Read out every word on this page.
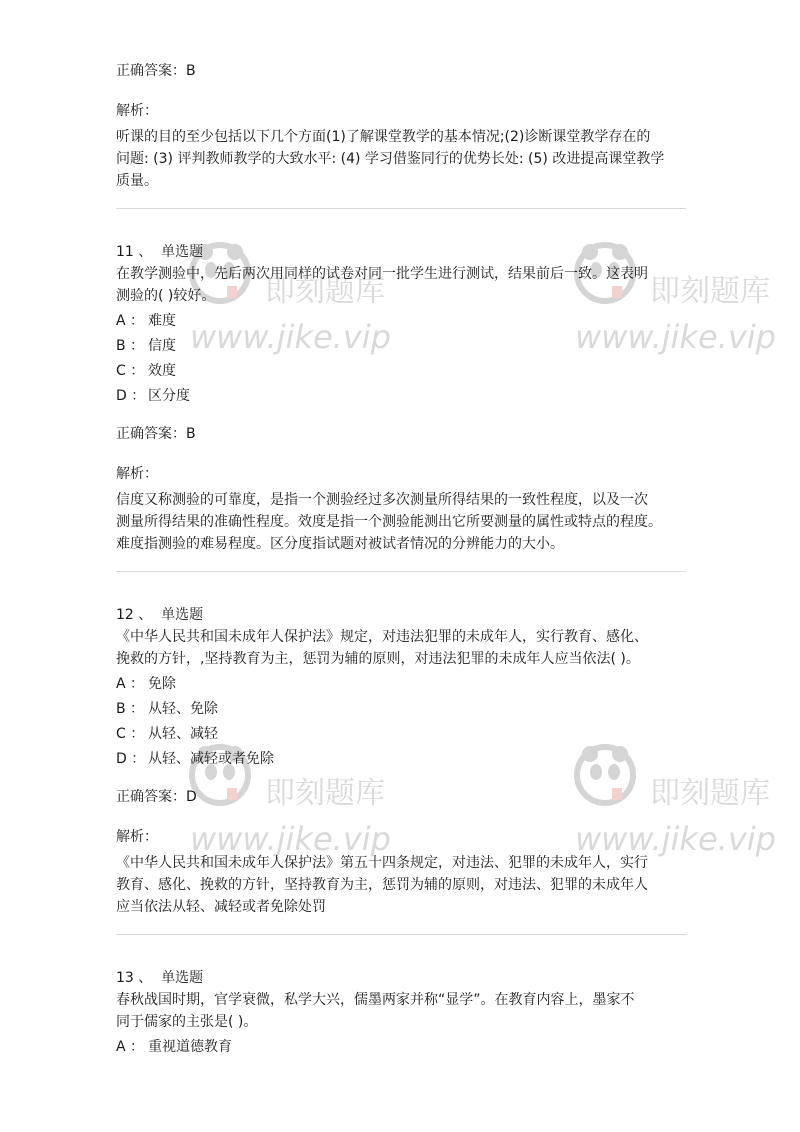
即刻题库
www.jike.vip
即刻题库
www.jike.vip
即刻题库
www.jike.vip
即刻题库
www.jike.vip

正确答案：B

解析：

听课的目的至少包括以下几个方面(1)了解课堂教学的基本情况;(2)诊断课堂教学存在的

问题: (3) 评判教师教学的大致水平: (4) 学习借鉴同行的优势长处: (5) 改进提高课堂教学

质量。

11 、 单选题

在教学测验中，先后两次用同样的试卷对同一批学生进行测试，结果前后一致。这表明

测验的( )较好。

A ： 难度

B ： 信度

C ： 效度

D ： 区分度

正确答案：B

解析：

信度又称测验的可靠度，是指一个测验经过多次测量所得结果的一致性程度，以及一次

测量所得结果的准确性程度。效度是指一个测验能测出它所要测量的属性或特点的程度。

难度指测验的难易程度。区分度指试题对被试者情况的分辨能力的大小。

12 、 单选题

《中华人民共和国未成年人保护法》规定，对违法犯罪的未成年人，实行教育、感化、

挽救的方针，,坚持教育为主，惩罚为辅的原则，对违法犯罪的未成年人应当依法( )。

A ： 免除

B ： 从轻、免除

C ： 从轻、减轻

D ： 从轻、减轻或者免除

正确答案：D

解析：

《中华人民共和国未成年人保护法》第五十四条规定，对违法、犯罪的未成年人，实行

教育、感化、挽救的方针，坚持教育为主，惩罚为辅的原则，对违法、犯罪的未成年人

应当依法从轻、减轻或者免除处罚

13 、 单选题

春秋战国时期，官学衰微，私学大兴，儒墨两家并称“显学”。在教育内容上，墨家不

同于儒家的主张是( )。

A ： 重视道德教育
